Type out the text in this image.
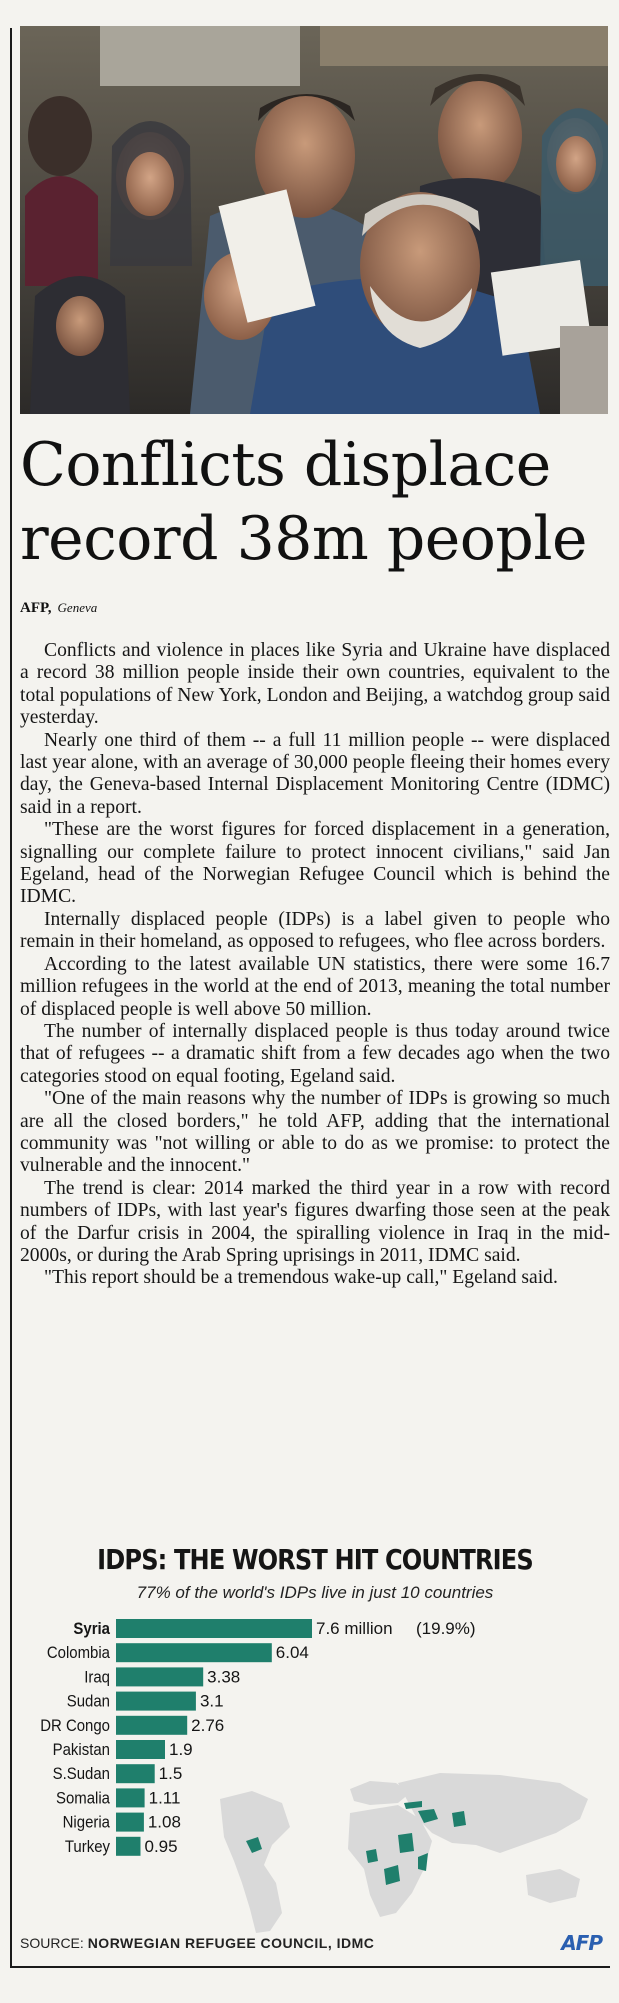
Conflicts displace
record 38m people
AFP, Geneva

Conflicts and violence in places like Syria and Ukraine have displaced a record 38 million people inside their own countries, equivalent to the total populations of New York, London and Beijing, a watchdog group said yesterday.

Nearly one third of them -- a full 11 million people -- were displaced last year alone, with an average of 30,000 people fleeing their homes every day, the Geneva-based Internal Displacement Monitoring Centre (IDMC) said in a report.

"These are the worst figures for forced displacement in a generation, signalling our complete failure to protect innocent civilians," said Jan Egeland, head of the Norwegian Refugee Council which is behind the IDMC.

Internally displaced people (IDPs) is a label given to people who remain in their homeland, as opposed to refugees, who flee across borders.

According to the latest available UN statistics, there were some 16.7 million refugees in the world at the end of 2013, meaning the total number of displaced people is well above 50 million.

The number of internally displaced people is thus today around twice that of refugees -- a dramatic shift from a few decades ago when the two categories stood on equal footing, Egeland said.

"One of the main reasons why the number of IDPs is growing so much are all the closed borders," he told AFP, adding that the international community was "not willing or able to do as we promise: to protect the vulnerable and the innocent."

The trend is clear: 2014 marked the third year in a row with record numbers of IDPs, with last year's figures dwarfing those seen at the peak of the Darfur crisis in 2004, the spiralling violence in Iraq in the mid-2000s, or during the Arab Spring uprisings in 2011, IDMC said.

"This report should be a tremendous wake-up call," Egeland said.

IDPS: THE WORST HIT COUNTRIES
77% of the world's IDPs live in just 10 countries
Syria	7.6 million (19.9%)
Colombia	6.04
Iraq	3.38
Sudan	3.1
DR Congo	2.76
Pakistan	1.9
S.Sudan	1.5
Somalia 1.11
Nigeria 1.08
Turkey 0.95
SOURCE: NORWEGIAN REFUGEE COUNCIL, IDMC	AFP
